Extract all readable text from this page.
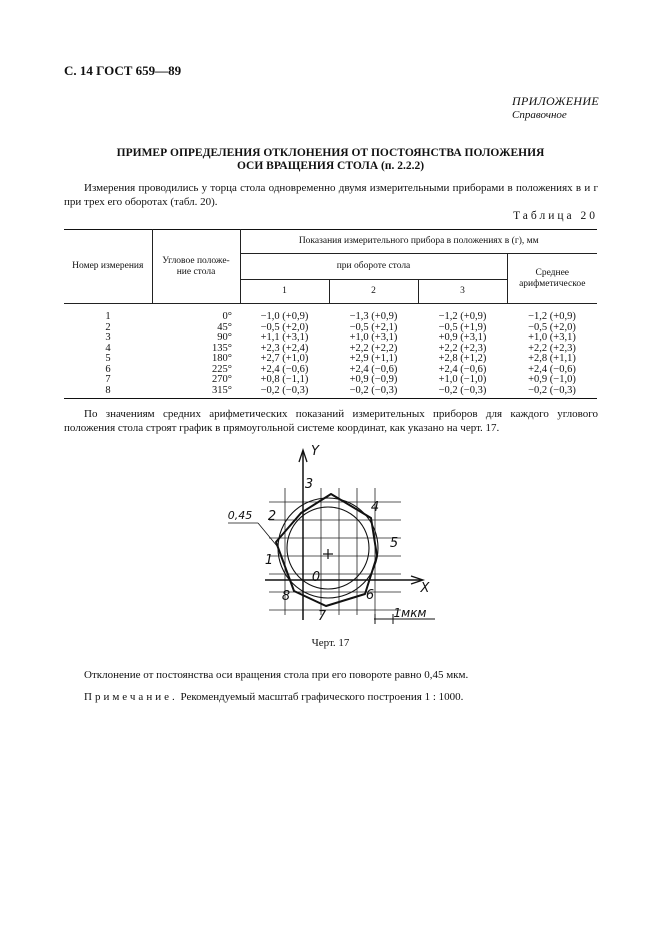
С. 14 ГОСТ 659—89
ПРИЛОЖЕНИЕ
Справочное
ПРИМЕР ОПРЕДЕЛЕНИЯ ОТКЛОНЕНИЯ ОТ ПОСТОЯНСТВА ПОЛОЖЕНИЯ
ОСИ ВРАЩЕНИЯ СТОЛА (п. 2.2.2)
Измерения проводились у торца стола одновременно двумя измерительными приборами в положениях в и г при трех его оборотах (табл. 20).
Таблица 20
Номер измерения	Угловое положе-ние стола	Показания измерительного прибора в положениях в (г), мм			
		при обороте стола			Среднее арифметическое
		1	2	3	
1	0°	−1,0 (+0,9)	−1,3 (+0,9)	−1,2 (+0,9)	−1,2 (+0,9)
2	45°	−0,5 (+2,0)	−0,5 (+2,1)	−0,5 (+1,9)	−0,5 (+2,0)
3	90°	+1,1 (+3,1)	+1,0 (+3,1)	+0,9 (+3,1)	+1,0 (+3,1)
4	135°	+2,3 (+2,4)	+2,2 (+2,2)	+2,2 (+2,3)	+2,2 (+2,3)
5	180°	+2,7 (+1,0)	+2,9 (+1,1)	+2,8 (+1,2)	+2,8 (+1,1)
6	225°	+2,4 (−0,6)	+2,4 (−0,6)	+2,4 (−0,6)	+2,4 (−0,6)
7	270°	+0,8 (−1,1)	+0,9 (−0,9)	+1,0 (−1,0)	+0,9 (−1,0)
8	315°	−0,2 (−0,3)	−0,2 (−0,3)	−0,2 (−0,3)	−0,2 (−0,3)
По значениям средних арифметических показаний измерительных приборов для каждого углового положения стола строят график в прямоугольной системе координат, как указано на черт. 17.
Y
X
0,45
1мкм
0
1
2
3
4
5
6
7
8
Черт. 17
Отклонение от постоянства оси вращения стола при его повороте равно 0,45 мкм.
Примечание. Рекомендуемый масштаб графического построения 1 : 1000.
